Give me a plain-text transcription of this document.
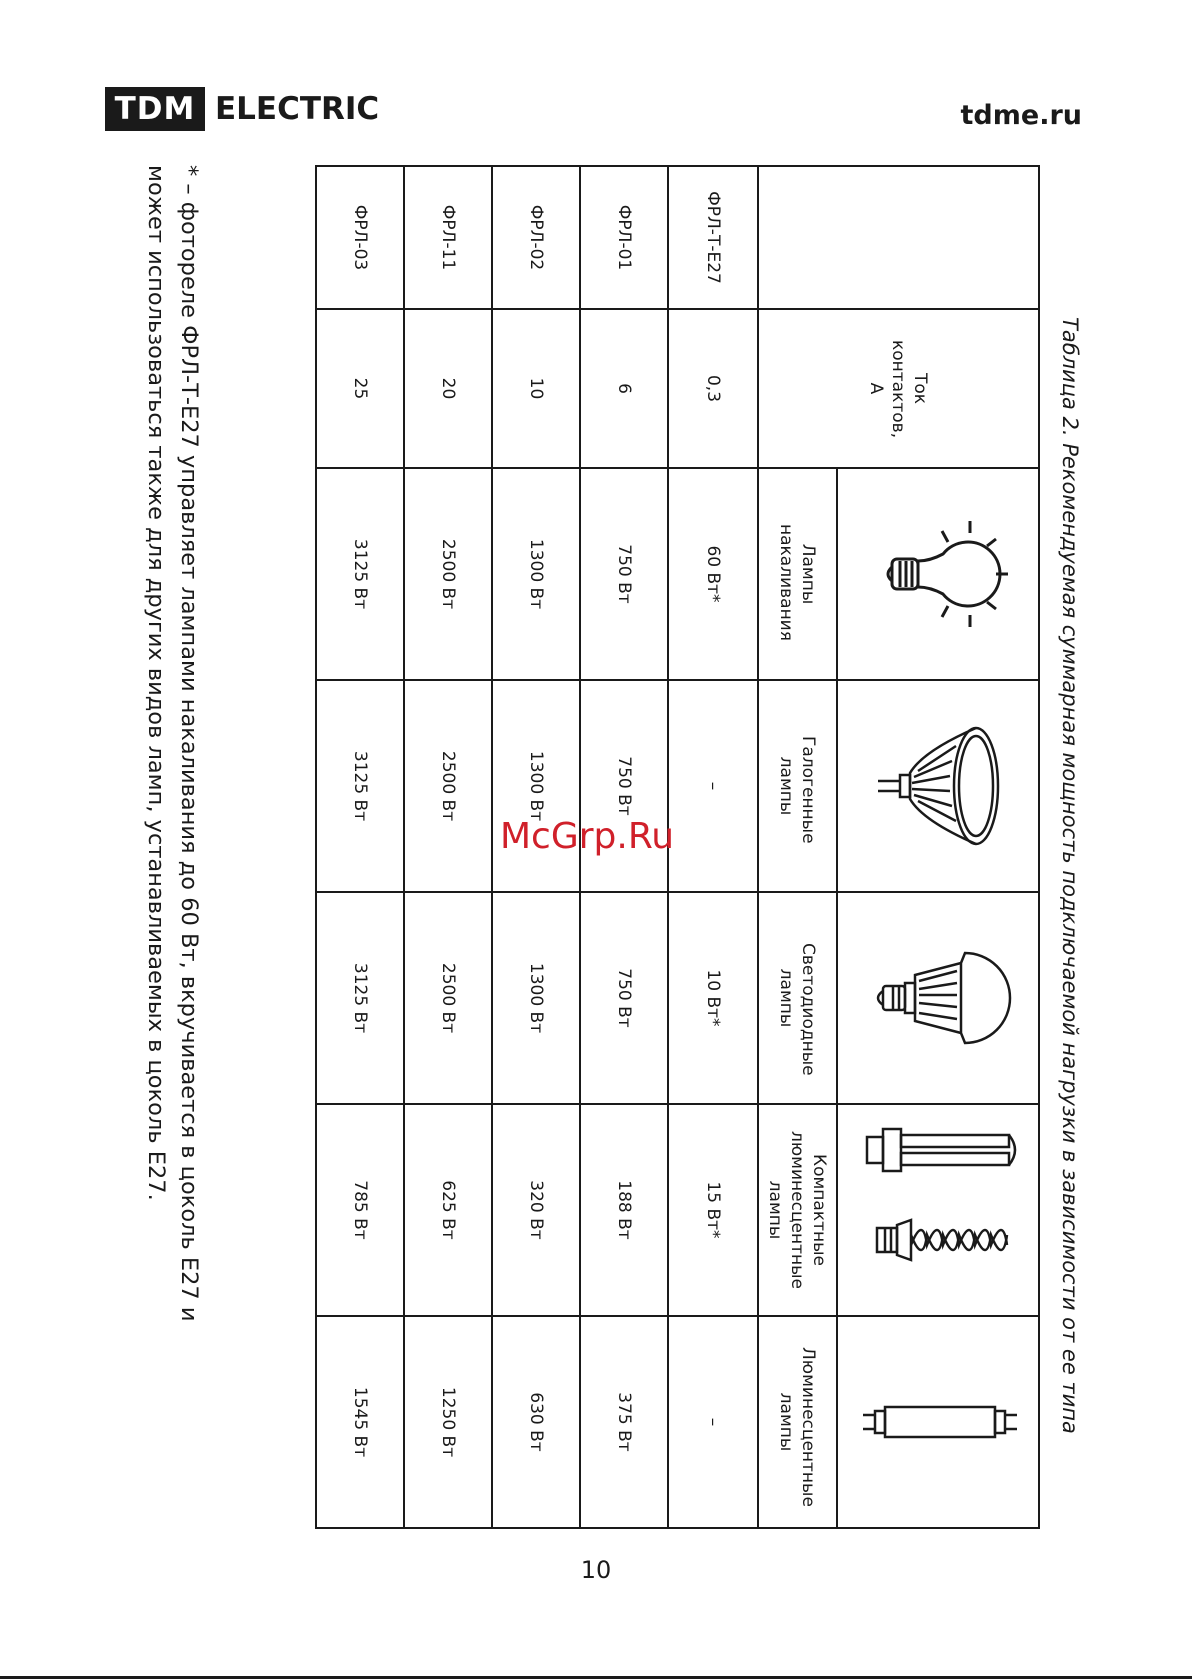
TDM ELECTRIC	tdme.ru
Таблица 2. Рекомендуемая суммарная мощность подключаемой нагрузки в зависимости от ее типа

	Ток контактов, А

		Лампы накаливания	Галогенные лампы	Светодиодные лампы	Компактные люминесцентные лампы	Люминесцентные лампы

ФРЛ-Т-Е27	0,3	60 Вт*	–	10 Вт*	15 Вт*	–
ФРЛ-01	6	750 Вт	750 Вт	750 Вт	188 Вт	375 Вт
ФРЛ-02	10	1300 Вт	1300 Вт	1300 Вт	320 Вт	630 Вт
ФРЛ-11	20	2500 Вт	2500 Вт	2500 Вт	625 Вт	1250 Вт
ФРЛ-03	25	3125 Вт	3125 Вт	3125 Вт	785 Вт	1545 Вт
* – фотореле ФРЛ-Т-Е27 управляет лампами накаливания до 60 Вт, вкручивается в цоколь Е27 и
может использоваться также для других видов ламп, устанавливаемых в цоколь Е27.	McGrp.Ru
10
